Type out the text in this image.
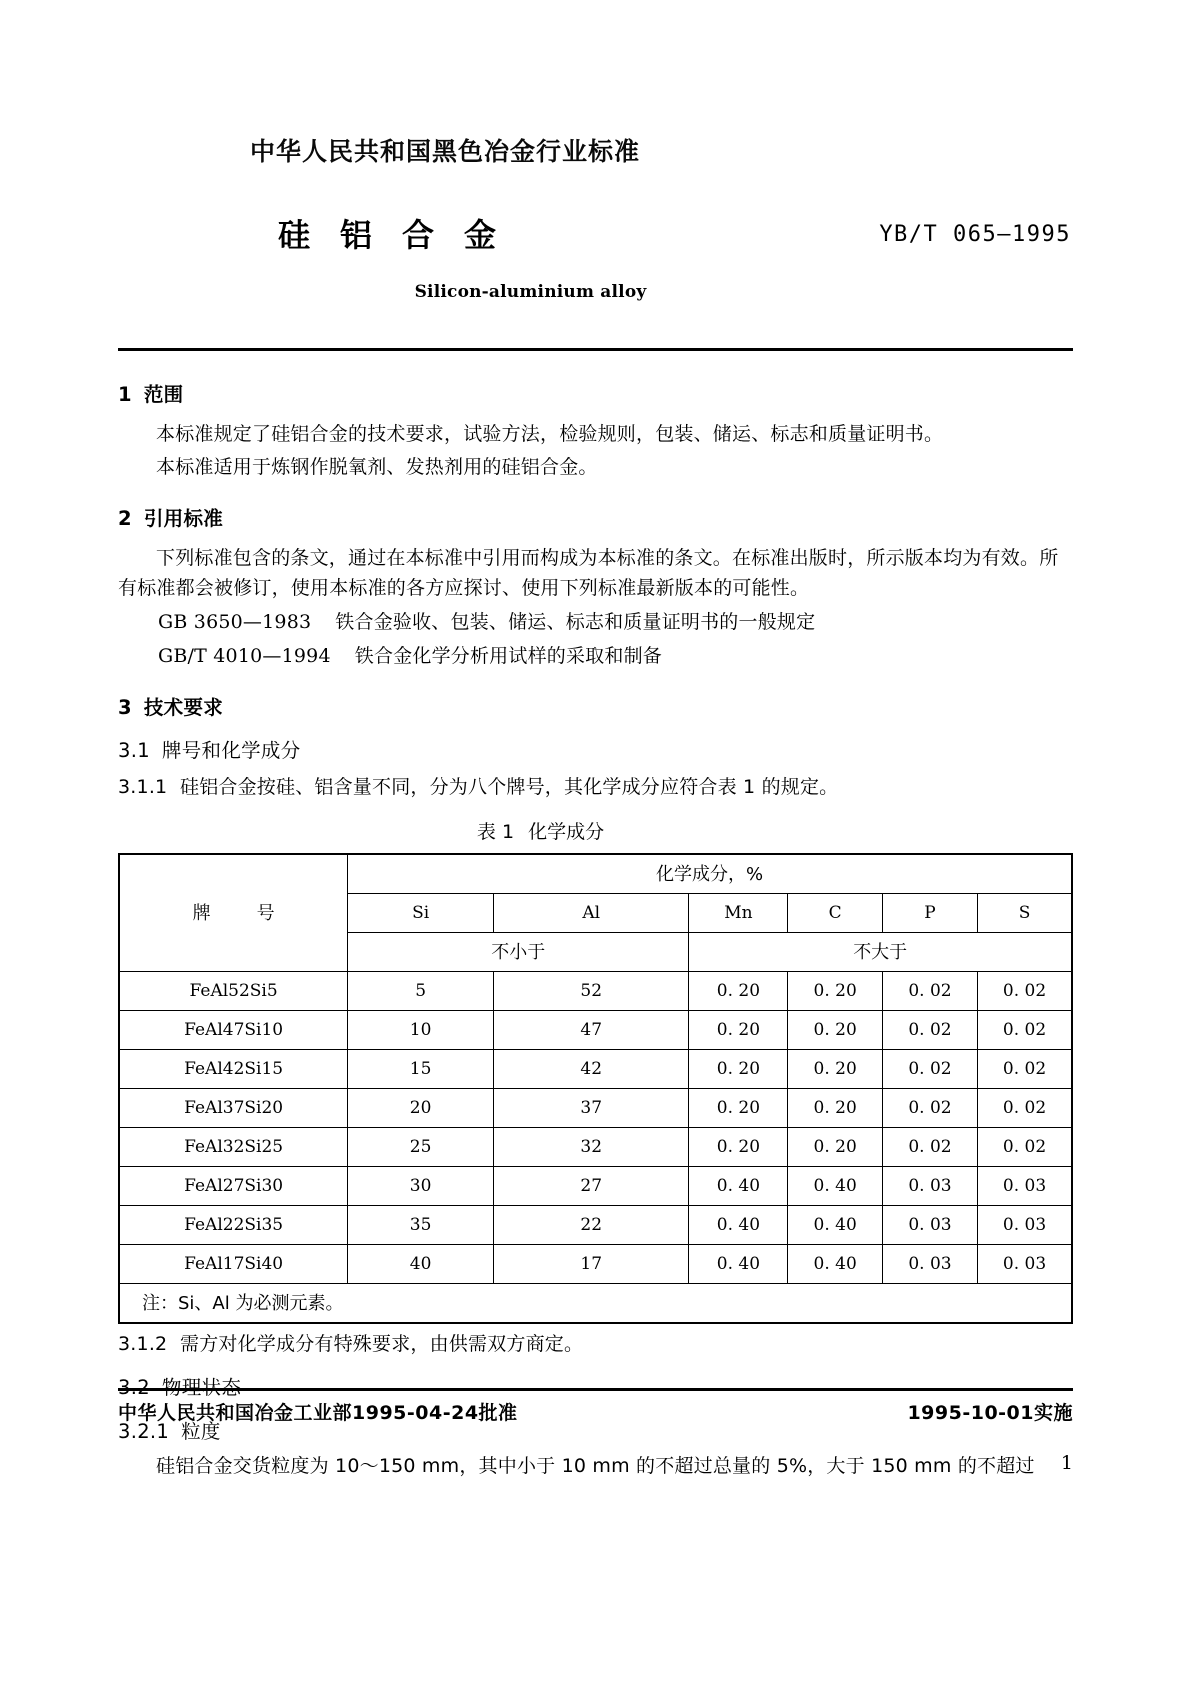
中华人民共和国黑色冶金行业标准
硅铝合金	YB/T 065—1995
Silicon-aluminium alloy
1 范围
本标准规定了硅铝合金的技术要求，试验方法，检验规则，包装、储运、标志和质量证明书。
本标准适用于炼钢作脱氧剂、发热剂用的硅铝合金。
2 引用标准
下列标准包含的条文，通过在本标准中引用而构成为本标准的条文。在标准出版时，所示版本均为有效。所有标准都会被修订，使用本标准的各方应探讨、使用下列标准最新版本的可能性。
GB 3650—1983 铁合金验收、包装、储运、标志和质量证明书的一般规定
GB/T 4010—1994 铁合金化学分析用试样的采取和制备
3 技术要求
3.1 牌号和化学成分
3.1.1 硅铝合金按硅、铝含量不同，分为八个牌号，其化学成分应符合表 1 的规定。
表 1 化学成分
牌　号	化学成分，%					
	Si	Al	Mn	C	P	S
	不小于		不大于			
FeAl52Si5	5	52	0. 20	0. 20	0. 02	0. 02
FeAl47Si10	10	47	0. 20	0. 20	0. 02	0. 02
FeAl42Si15	15	42	0. 20	0. 20	0. 02	0. 02
FeAl37Si20	20	37	0. 20	0. 20	0. 02	0. 02
FeAl32Si25	25	32	0. 20	0. 20	0. 02	0. 02
FeAl27Si30	30	27	0. 40	0. 40	0. 03	0. 03
FeAl22Si35	35	22	0. 40	0. 40	0. 03	0. 03
FeAl17Si40	40	17	0. 40	0. 40	0. 03	0. 03
注：Si、Al 为必测元素。						
3.1.2 需方对化学成分有特殊要求，由供需双方商定。
3.2 物理状态
3.2.1 粒度
硅铝合金交货粒度为 10～150 mm，其中小于 10 mm 的不超过总量的 5%，大于 150 mm 的不超过
中华人民共和国冶金工业部1995-04-24批准	1995-10-01实施
1
